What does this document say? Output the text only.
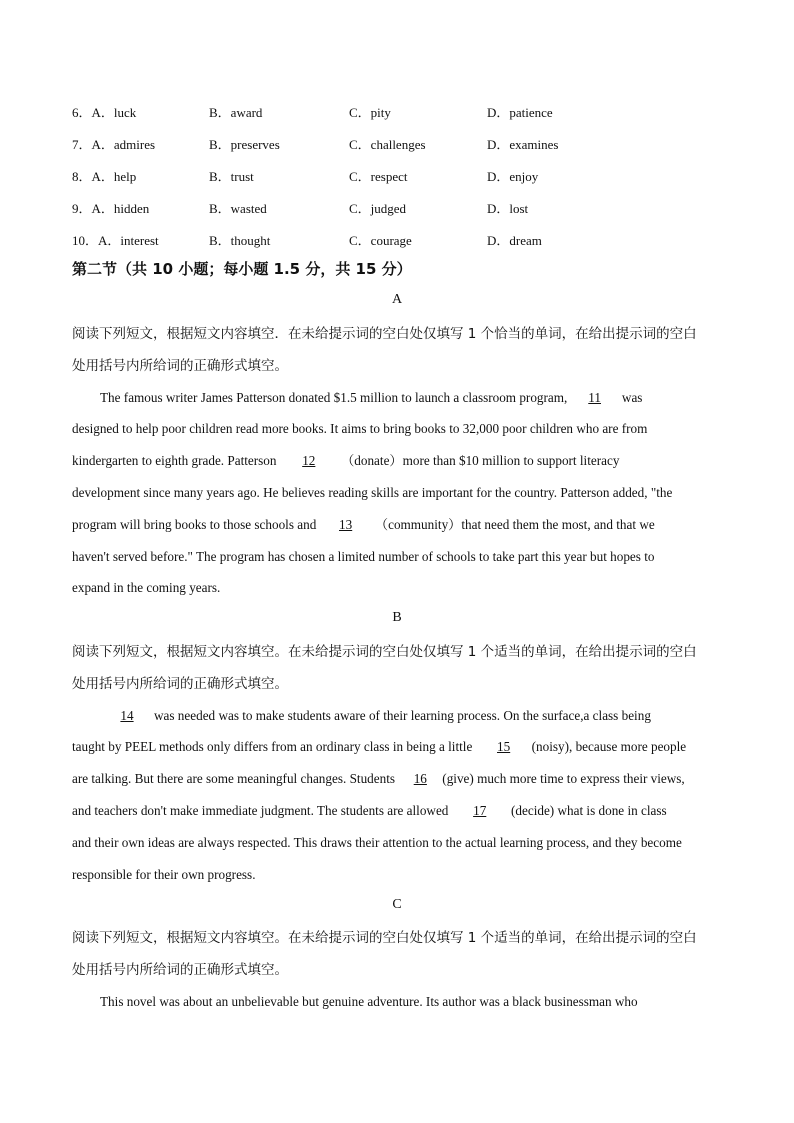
6．A．luck	B．award	C．pity	D．patience
7．A．admires	B．preserves	C．challenges	D．examines
8．A．help	B．trust	C．respect	D．enjoy
9．A．hidden	B．wasted	C．judged	D．lost
10．A．interest	B．thought	C．courage	D．dream
第二节（共 10 小题；每小题 1.5 分，共 15 分）
A
阅读下列短文，根据短文内容填空．在未给提示词的空白处仅填写 1 个恰当的单词，在给出提示词的空白
处用括号内所给词的正确形式填空。
The famous writer James Patterson donated $1.5 million to launch a classroom program, 11 was
designed to help poor children read more books. It aims to bring books to 32,000 poor children who are from
kindergarten to eighth grade. Patterson 12 （donate）more than $10 million to support literacy
development since many years ago. He believes reading skills are important for the country. Patterson added, "the
program will bring books to those schools and 13 （community）that need them the most, and that we
haven't served before." The program has chosen a limited number of schools to take part this year but hopes to
expand in the coming years.
B
阅读下列短文，根据短文内容填空。在未给提示词的空白处仅填写 1 个适当的单词，在给出提示词的空白
处用括号内所给词的正确形式填空。
14 was needed was to make students aware of their learning process. On the surface,a class being
taught by PEEL methods only differs from an ordinary class in being a little 15 (noisy), because more people
are talking. But there are some meaningful changes. Students 16 (give) much more time to express their views,
and teachers don't make immediate judgment. The students are allowed 17 (decide) what is done in class
and their own ideas are always respected. This draws their attention to the actual learning process, and they become
responsible for their own progress.
C
阅读下列短文，根据短文内容填空。在未给提示词的空白处仅填写 1 个适当的单词，在给出提示词的空白
处用括号内所给词的正确形式填空。
This novel was about an unbelievable but genuine adventure. Its author was a black businessman who
